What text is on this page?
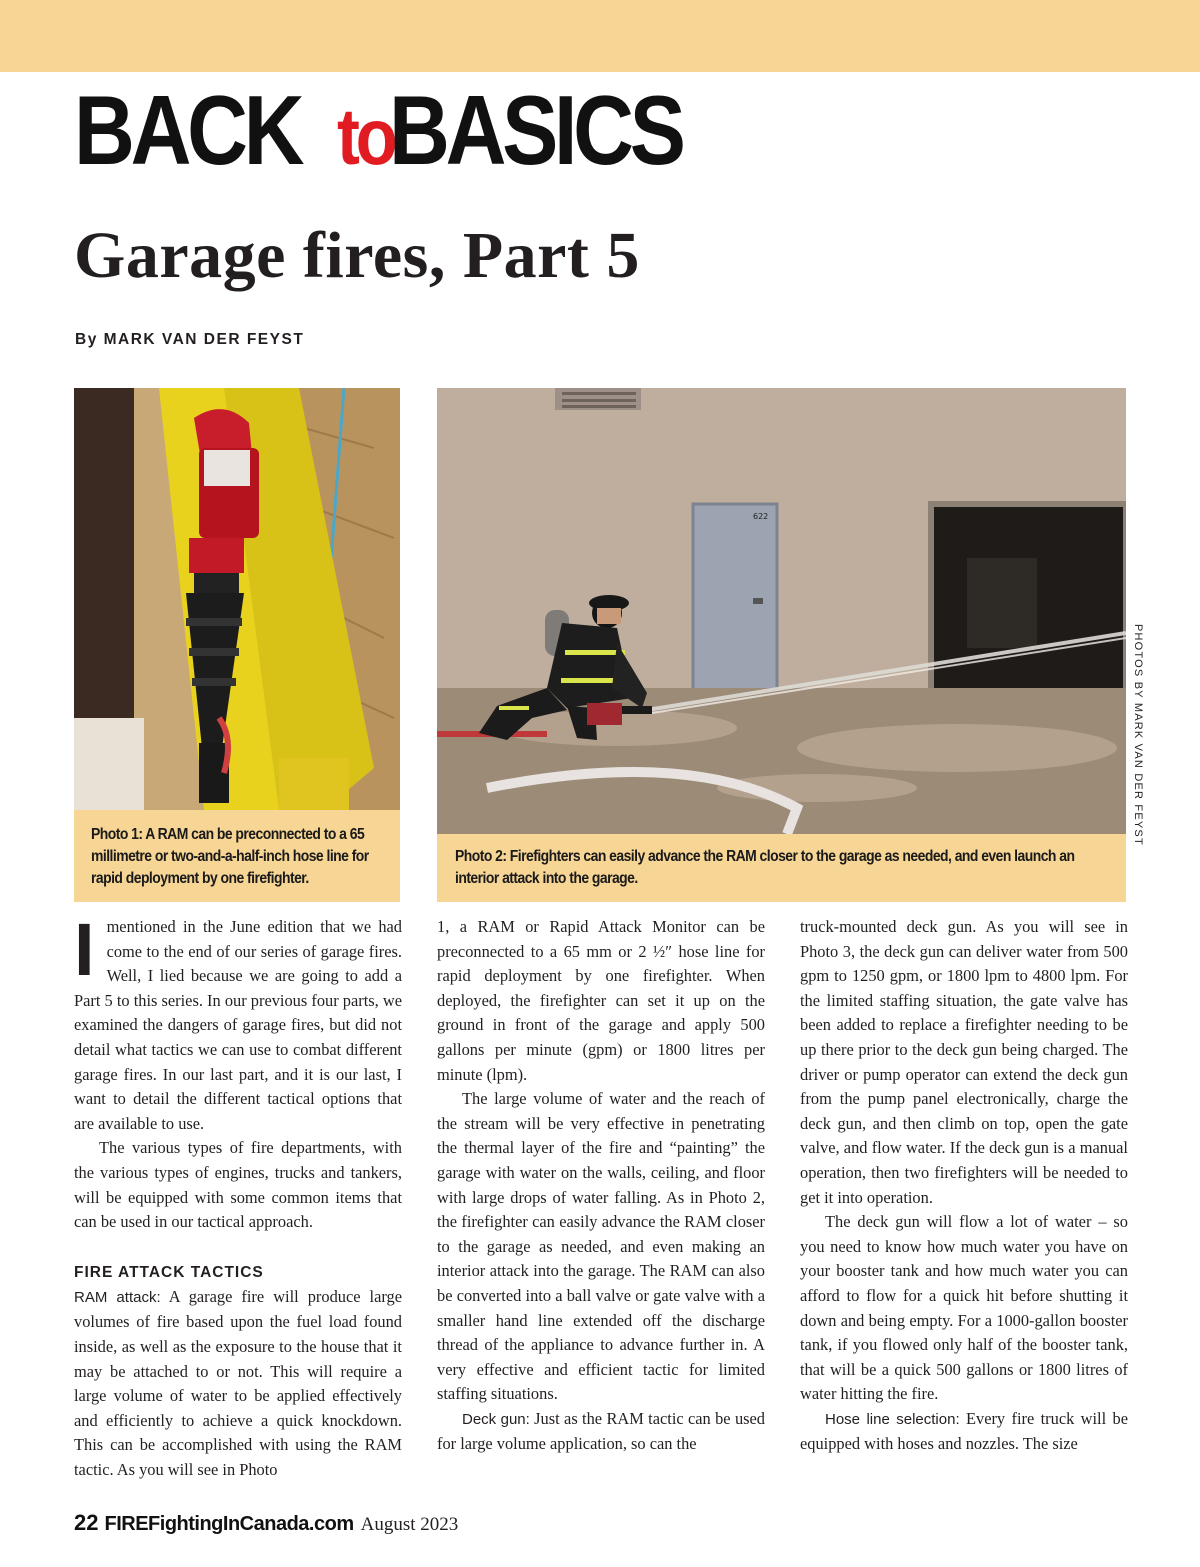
BACK to
BASICS
Garage fires, Part 5
By MARK VAN DER FEYST
622
Photo 1: A RAM can be preconnected to a 65 millimetre or two-and-a-half-inch hose line for rapid deployment by one firefighter.
Photo 2: Firefighters can easily advance the RAM closer to the garage as needed, and even launch an interior attack into the garage.
PHOTOS BY MARK VAN DER FEYST

Imentioned in the June edition that we had come to the end of our series of garage fires. Well, I lied because we are going to add a Part 5 to this series. In our previous four parts, we examined the dangers of garage fires, but did not detail what tactics we can use to combat different garage fires. In our last part, and it is our last, I want to detail the different tactical options that are available to use.

The various types of fire departments, with the various types of engines, trucks and tankers, will be equipped with some common items that can be used in our tactical approach.

FIRE ATTACK TACTICS

RAM attack: A garage fire will produce large volumes of fire based upon the fuel load found inside, as well as the exposure to the house that it may be attached to or not. This will require a large volume of water to be applied effectively and efficiently to achieve a quick knockdown. This can be accomplished with using the RAM tactic. As you will see in Photo

1, a RAM or Rapid Attack Monitor can be preconnected to a 65 mm or 2 ½″ hose line for rapid deployment by one firefighter. When deployed, the firefighter can set it up on the ground in front of the garage and apply 500 gallons per minute (gpm) or 1800 litres per minute (lpm).

The large volume of water and the reach of the stream will be very effective in penetrating the thermal layer of the fire and “painting” the garage with water on the walls, ceiling, and floor with large drops of water falling. As in Photo 2, the firefighter can easily advance the RAM closer to the garage as needed, and even making an interior attack into the garage. The RAM can also be converted into a ball valve or gate valve with a smaller hand line extended off the discharge thread of the appliance to advance further in. A very effective and efficient tactic for limited staffing situations.

Deck gun: Just as the RAM tactic can be used for large volume application, so can the

truck-mounted deck gun. As you will see in Photo 3, the deck gun can deliver water from 500 gpm to 1250 gpm, or 1800 lpm to 4800 lpm. For the limited staffing situation, the gate valve has been added to replace a firefighter needing to be up there prior to the deck gun being charged. The driver or pump operator can extend the deck gun from the pump panel electronically, charge the deck gun, and then climb on top, open the gate valve, and flow water. If the deck gun is a manual operation, then two firefighters will be needed to get it into operation.

The deck gun will flow a lot of water – so you need to know how much water you have on your booster tank and how much water you can afford to flow for a quick hit before shutting it down and being empty. For a 1000-gallon booster tank, if you flowed only half of the booster tank, that will be a quick 500 gallons or 1800 litres of water hitting the fire.

Hose line selection: Every fire truck will be equipped with hoses and nozzles. The size

22 FIREFightingInCanada.com August 2023
